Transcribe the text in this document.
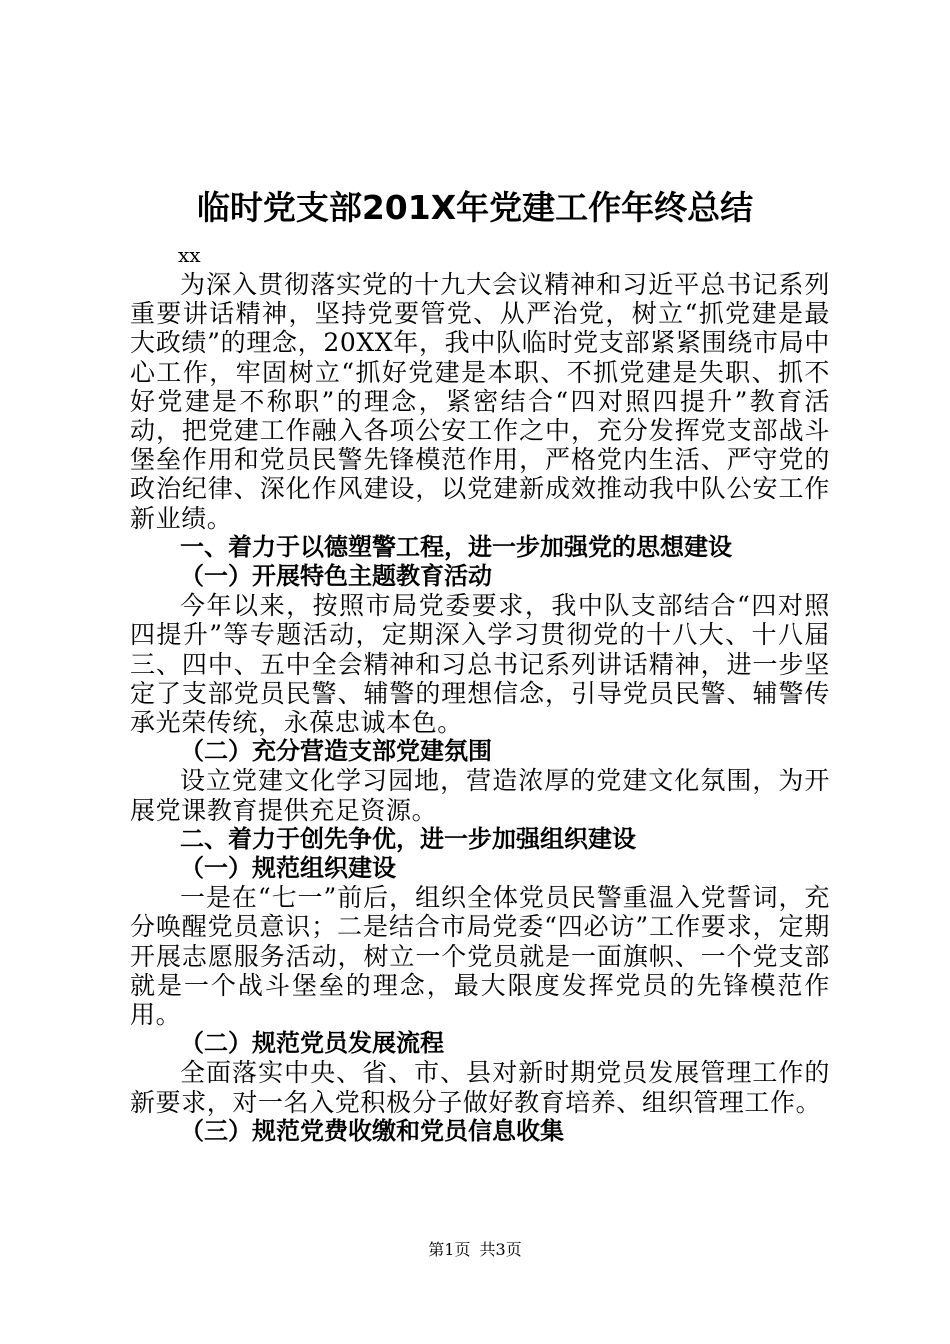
临时党支部201X年党建工作年终总结

xx

为深入贯彻落实党的十九大会议精神和习近平总书记系列重要讲话精神，坚持党要管党、从严治党，树立“抓党建是最大政绩”的理念，20XX年，我中队临时党支部紧紧围绕市局中心工作，牢固树立“抓好党建是本职、不抓党建是失职、抓不好党建是不称职”的理念，紧密结合“四对照四提升”教育活动，把党建工作融入各项公安工作之中，充分发挥党支部战斗堡垒作用和党员民警先锋模范作用，严格党内生活、严守党的政治纪律、深化作风建设，以党建新成效推动我中队公安工作新业绩。

一、着力于以德塑警工程，进一步加强党的思想建设

（一）开展特色主题教育活动

今年以来，按照市局党委要求，我中队支部结合“四对照四提升”等专题活动，定期深入学习贯彻党的十八大、十八届三、四中、五中全会精神和习总书记系列讲话精神，进一步坚定了支部党员民警、辅警的理想信念，引导党员民警、辅警传承光荣传统，永葆忠诚本色。

（二）充分营造支部党建氛围

设立党建文化学习园地，营造浓厚的党建文化氛围，为开展党课教育提供充足资源。

二、着力于创先争优，进一步加强组织建设

（一）规范组织建设

一是在“七一”前后，组织全体党员民警重温入党誓词，充分唤醒党员意识；二是结合市局党委“四必访”工作要求，定期开展志愿服务活动，树立一个党员就是一面旗帜、一个党支部就是一个战斗堡垒的理念，最大限度发挥党员的先锋模范作用。

（二）规范党员发展流程

全面落实中央、省、市、县对新时期党员发展管理工作的新要求，对一名入党积极分子做好教育培养、组织管理工作。

（三）规范党费收缴和党员信息收集

第1页 共3页
